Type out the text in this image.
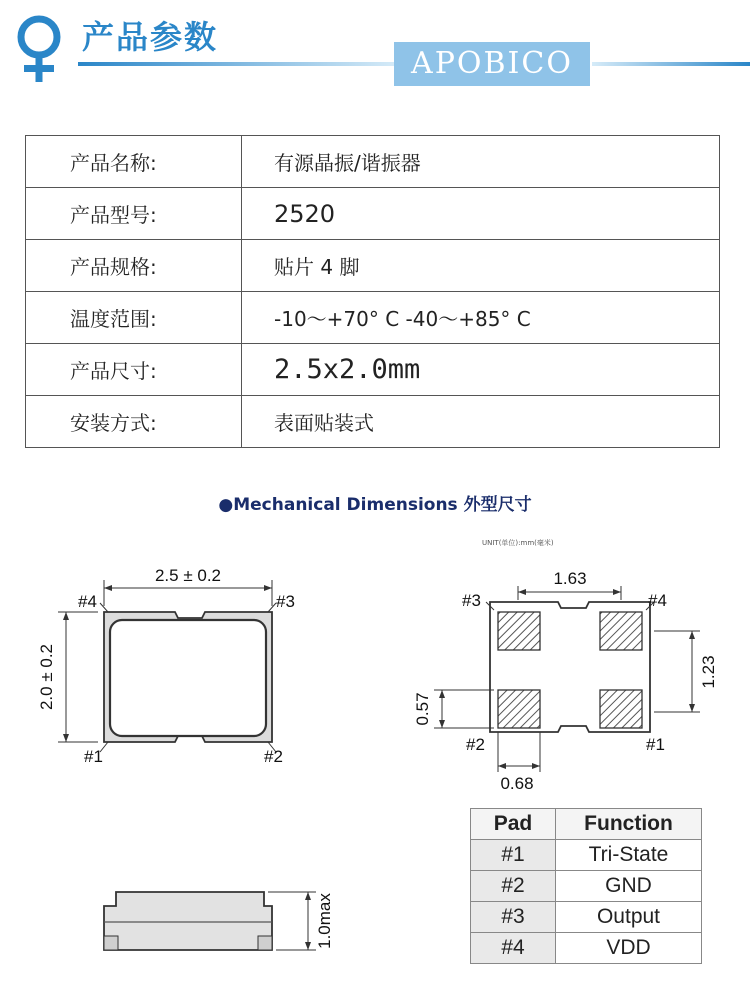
产品参数
APOBICO
产品名称:	有源晶振/谐振器
产品型号:	2520
产品规格:	贴片 4 脚
温度范围:	-10～+70° C -40～+85° C
产品尺寸:	2.5x2.0mm
安装方式:	表面贴装式
●Mechanical Dimensions 外型尺寸
UNIT(单位):mm(毫米)
2.5 ± 0.2
2.0 ± 0.2
#4	#3
#1	#2
1.63
1.23
0.57
0.68
#3	#4
#2	#1
1.0max
Pad	Function
#1	Tri-State
#2	GND
#3	Output
#4	VDD
